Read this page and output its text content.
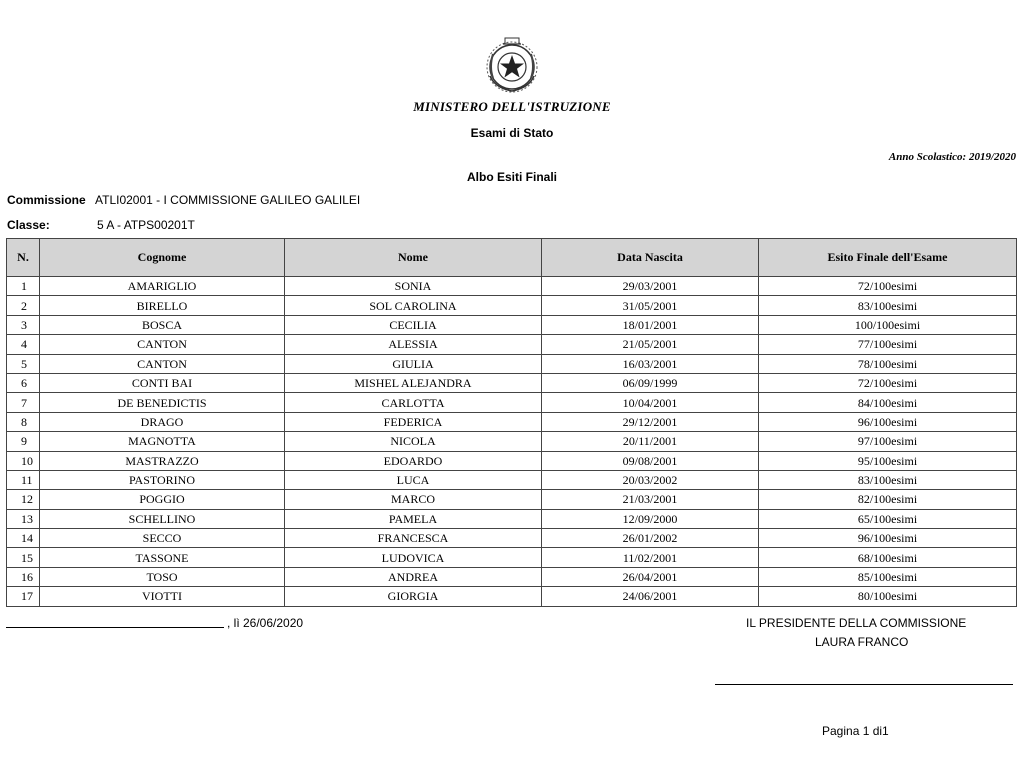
MINISTERO DELL'ISTRUZIONE
Esami di Stato
Anno Scolastico: 2019/2020
Albo Esiti Finali
Commissione ATLI02001 - I COMMISSIONE GALILEO GALILEI
Classe:	5 A - ATPS00201T
N.	Cognome	Nome	Data Nascita	Esito Finale dell'Esame
1	AMARIGLIO	SONIA	29/03/2001	72/100esimi
2	BIRELLO	SOL CAROLINA	31/05/2001	83/100esimi
3	BOSCA	CECILIA	18/01/2001	100/100esimi
4	CANTON	ALESSIA	21/05/2001	77/100esimi
5	CANTON	GIULIA	16/03/2001	78/100esimi
6	CONTI BAI	MISHEL ALEJANDRA	06/09/1999	72/100esimi
7	DE BENEDICTIS	CARLOTTA	10/04/2001	84/100esimi
8	DRAGO	FEDERICA	29/12/2001	96/100esimi
9	MAGNOTTA	NICOLA	20/11/2001	97/100esimi
10	MASTRAZZO	EDOARDO	09/08/2001	95/100esimi
11	PASTORINO	LUCA	20/03/2002	83/100esimi
12	POGGIO	MARCO	21/03/2001	82/100esimi
13	SCHELLINO	PAMELA	12/09/2000	65/100esimi
14	SECCO	FRANCESCA	26/01/2002	96/100esimi
15	TASSONE	LUDOVICA	11/02/2001	68/100esimi
16	TOSO	ANDREA	26/04/2001	85/100esimi
17	VIOTTI	GIORGIA	24/06/2001	80/100esimi
, lì 26/06/2020	IL PRESIDENTE DELLA COMMISSIONE
LAURA FRANCO
Pagina 1 di1
